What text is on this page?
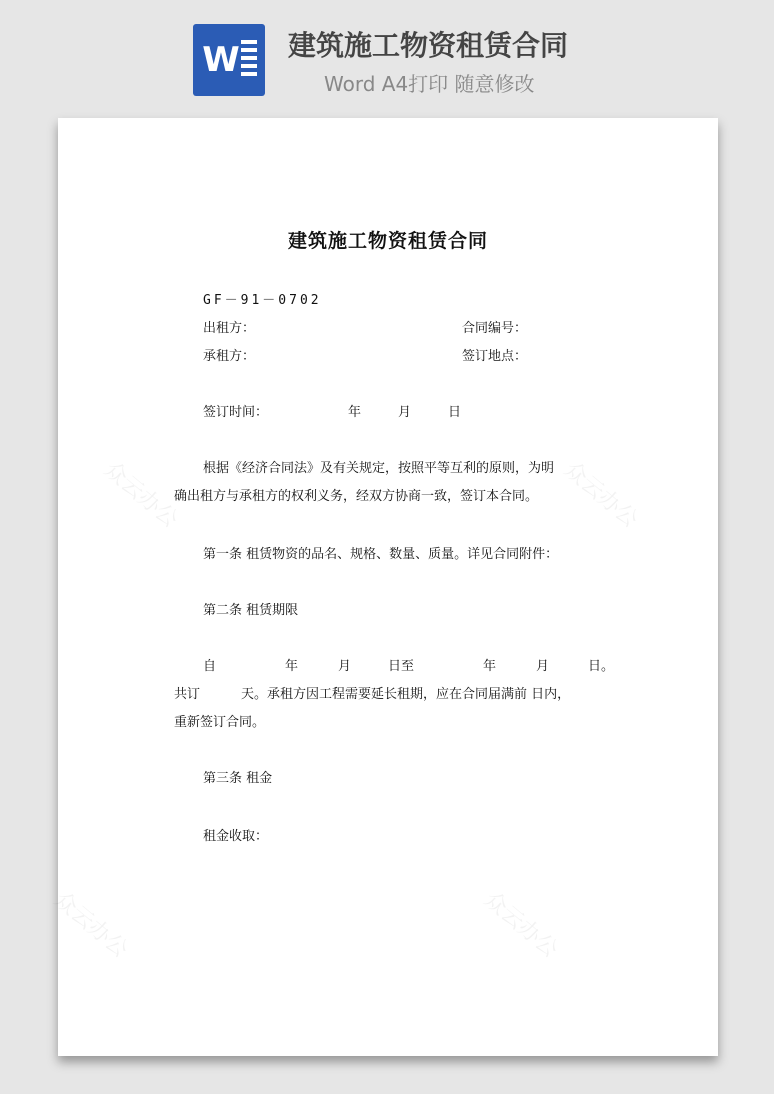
W 建筑施工物资租赁合同
Word A4打印 随意修改
众云办公	众云办公
众云办公	众云办公
建筑施工物资租赁合同
GF－91－0702
出租方：	合同编号：
承租方：	签订地点：
签订时间：	年	月	日
根据《经济合同法》及有关规定，按照平等互利的原则，为明
确出租方与承租方的权利义务，经双方协商一致，签订本合同。
第一条 租赁物资的品名、规格、数量、质量。详见合同附件：
第二条 租赁期限
自	年	月	日至	年	月	日。
共订	天。承租方因工程需要延长租期，应在合同届满前 日内，
重新签订合同。
第三条 租金
租金收取：
